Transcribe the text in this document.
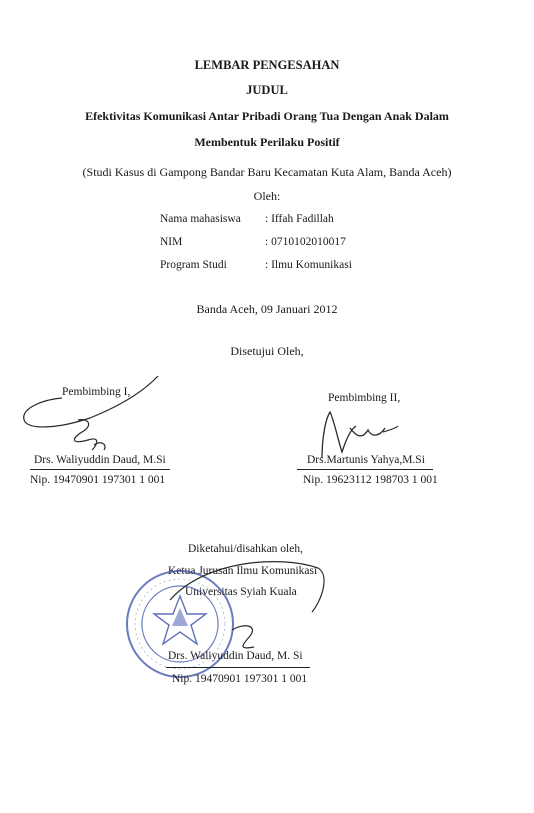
LEMBAR PENGESAHAN
JUDUL
Efektivitas Komunikasi Antar Pribadi Orang Tua Dengan Anak Dalam
Membentuk Perilaku Positif
(Studi Kasus di Gampong Bandar Baru Kecamatan Kuta Alam, Banda Aceh)
Oleh:
Nama mahasiswa : Iffah Fadillah
NIM	: 0710102010017
Program Studi	: Ilmu Komunikasi
Banda Aceh, 09 Januari 2012
Disetujui Oleh,
Pembimbing I,
Drs. Waliyuddin Daud, M.Si
Nip. 19470901 197301 1 001
Pembimbing II,
Drs.Martunis Yahya,M.Si
Nip. 19623112 198703 1 001
Diketahui/disahkan oleh,
Ketua Jurusan Ilmu Komunikasi
Universitas Syiah Kuala
Drs. Waliyuddin Daud, M. Si
Nip. 19470901 197301 1 001
